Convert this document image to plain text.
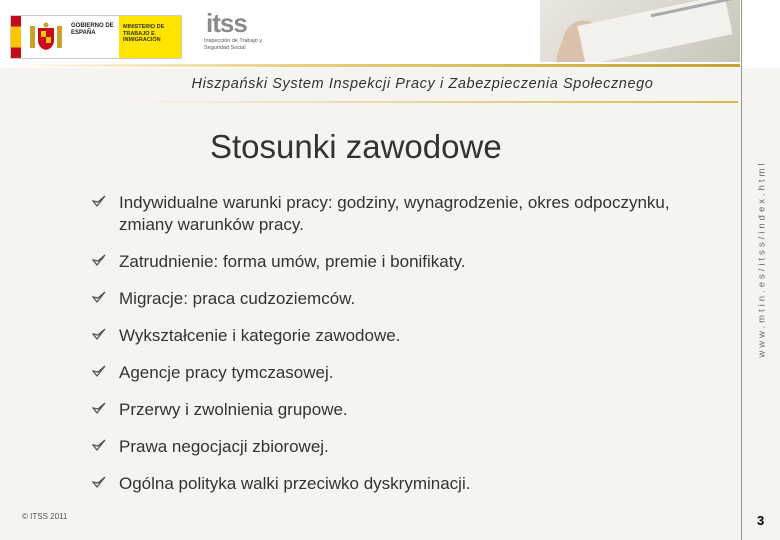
GOBIERNO DE ESPAÑA
MINISTERIO DE TRABAJO E INMIGRACIÓN
itss
Inspección de Trabajo y Seguridad Social
Hiszpański System Inspekcji Pracy i Zabezpieczenia Społecznego
www.mtin.es/itss/index.html
Stosunki zawodowe
Indywidualne warunki pracy: godziny, wynagrodzenie, okres odpoczynku, zmiany warunków pracy.
Zatrudnienie: forma umów, premie i bonifikaty.
Migracje: praca cudzoziemców.
Wykształcenie i kategorie zawodowe.
Agencje pracy tymczasowej.
Przerwy i zwolnienia grupowe.
Prawa negocjacji zbiorowej.
Ogólna polityka walki przeciwko dyskryminacji.
© ITSS 2011	3
